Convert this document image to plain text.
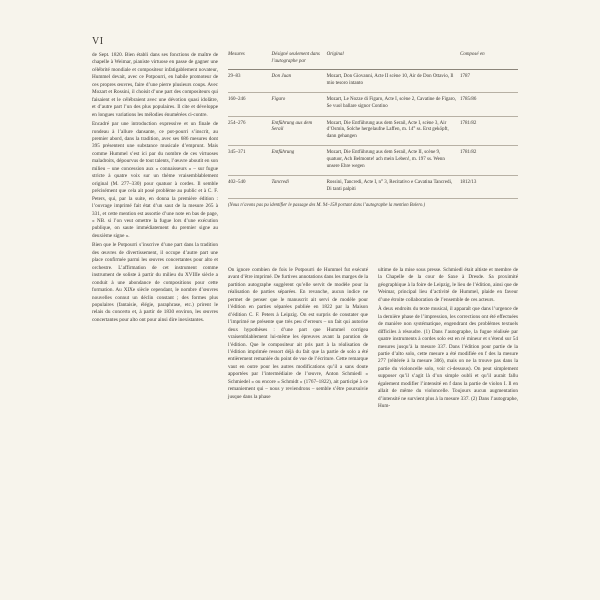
VI

de Sept. 1820. Bien établi dans ses fonctions de maître de chapelle à Weimar, pianiste virtuose en passe de gagner une célébrité mondiale et compositeur infatigablement novateur, Hummel devait, avec ce Potpourri, en habile promoteur de ces propres œuvres, faire d’une pierre plusieurs coups. Avec Mozart et Rossini, il choisit d’une part des compositeurs qui faisaient et le célébraient avec une dévotion quasi idolâtre, et d’autre part l’un des plus populaires. Il cite et développe en longues variations les mélodies énumérées ci-contre.

Encadré par une introduction expressive et un finale de rondeau à l’allure dansante, ce pot-pourri s’inscrit, au premier abord, dans la tradition, avec ses 686 mesures dont 395 présentent une substance musicale d’emprunt. Mais comme Hummel s’est ici par du nombre de ces virtuoses maladroits, dépourvus de tout talents, l’œuvre aboutit en son milieu – une concession aux « connaisseurs » – sur fugue stricte à quatre voix sur un thème vraisemblablement original (M. 277–330) pour quatuor à cordes. Il semble précisément que cela ait posé problème au public et à C. F. Peters, qui, par la suite, en donna la première édition : l’ouvrage imprimé fait état d’un saut de la mesure 265 à 331, et cette mention est assortie d’une note en bas de page, « NB. si l’on veut omettre la fugue lors d’une exécution publique, on saute immédiatement du premier signe au deuxième signe ».

Bien que le Potpourri s’inscrive d’une part dans la tradition des œuvres de divertissement, il occupe d’autre part une place confirmée parmi les œuvres concertantes pour alto et orchestre. L’affirmation de cet instrument comme instrument de soliste à partir du milieu du XVIIIe siècle a conduit à une abondance de compositions pour cette formation. Au XIXe siècle cependant, le nombre d’œuvres nouvelles connut un déclin constant ; des formes plus populaires (fantaisie, élégie, paraphrase, etc.) prirent le relais du concerto et, à partir de 1830 environ, les œuvres concertantes pour alto ont pour ainsi dire inexistantes.

Mesures	Désigné seulement dans l’autographe par	Original	Composé en
29–83	Don Juan	Mozart, Don Giovanni, Acte II scène 10, Air de Don Ottavio, Il mio tesoro intanto	1787
160–246	Figaro	Mozart, Le Nozze di Figaro, Acte I, scène 2, Cavatine de Figaro, Se vuol ballare signor Contino	1785/86
254–276	Entführung aus dem Serail	Mozart, Die Entführung aus dem Serail, Acte I, scène 3, Air d’Osmin, Solche hergelaufne Laffen, m. 14° ss. Erst geköpft, dann gehangen	1781/82
345–371	Entführung	Mozart, Die Entführung aus dem Serail, Acte II, scène 9, quatuor, Ach Belmonte! ach mein Leben!, m. 197 ss. Wenn unsere Ehre wegen	1781/82
402–540	Tancredi	Rossini, Tancredi, Acte I, n° 3, Recitativo e Cavatina Tancredi, Di tanti palpiti	1812/13
(Nous n’avons pas pu identifier le passage des M. 94–158 portant dans l’autographe la mention Bolero.)

On ignore combien de fois le Potpourri de Hummel fut exécuté avant d’être imprimé. De furtives annotations dans les marges de la partition autographe suggèrent qu’elle servit de modèle pour la réalisation de parties séparées. En revanche, aucun indice ne permet de penser que le manuscrit ait servi de modèle pour l’édition en parties séparées publiée en 1822 par la Maison d’édition C. F. Peters à Leipzig. On est surpris de constater que l’imprimé ne présente que très peu d’erreurs – un fait qui autorise deux hypothèses : d’une part que Hummel corrigea vraisemblablement lui-même les épreuves avant la parution de l’édition. Que le compositeur ait pris part à la réalisation de l’édition imprimée ressort déjà du fait que la partie de solo a été entièrement remaniée du point de vue de l’écriture. Cette remarque vaut en outre pour les autres modifications qu’il a sans doute apportées par l’intermédiaire de l’œuvre, Anton Schmiedl « Schmiedel » ou encore « Schmidt » (1767–1822), ait participé à ce remaniement qui – nous y reviendrons – semble s’être poursuivie jusque dans la phase

ultime de la mise sous presse. Schmiedl était altiste et membre de la Chapelle de la cour de Saxe à Dresde. Sa proximité géographique à la foire de Leipzig, le lieu de l’édition, ainsi que de Weimar, principal lieu d’activité de Hummel, plaide en faveur d’une étroite collaboration de l’ensemble de ces acteurs.

À deux endroits du texte musical, il apparaît que dans l’urgence de la dernière phase de l’impression, les corrections ont été effectuées de manière non systématique, engendrant des problèmes textuels difficiles à résoudre. (1) Dans l’autographe, la fugue réalisée par quatre instruments à cordes solo est en ré mineur et s’étend sur 54 mesures jusqu’à la mesure 337. Dans l’édition pour partie de la partie d’alto solo, cette mesure a été modifiée en f des la mesure 277 (réitérée à la mesure 306), mais on ne la trouve pas dans la partie du violoncelle solo, voir ci-dessous). On peut simplement supposer qu’il s’agit là d’un simple oubli et qu’il aurait fallu également modifier l’intensité en f dans la partie de violon I. Il en allait de même du violoncelle. Toujours aucun augmentation d’intensité ne survient plus à la mesure 337. (2) Dans l’autographe, Hum-
